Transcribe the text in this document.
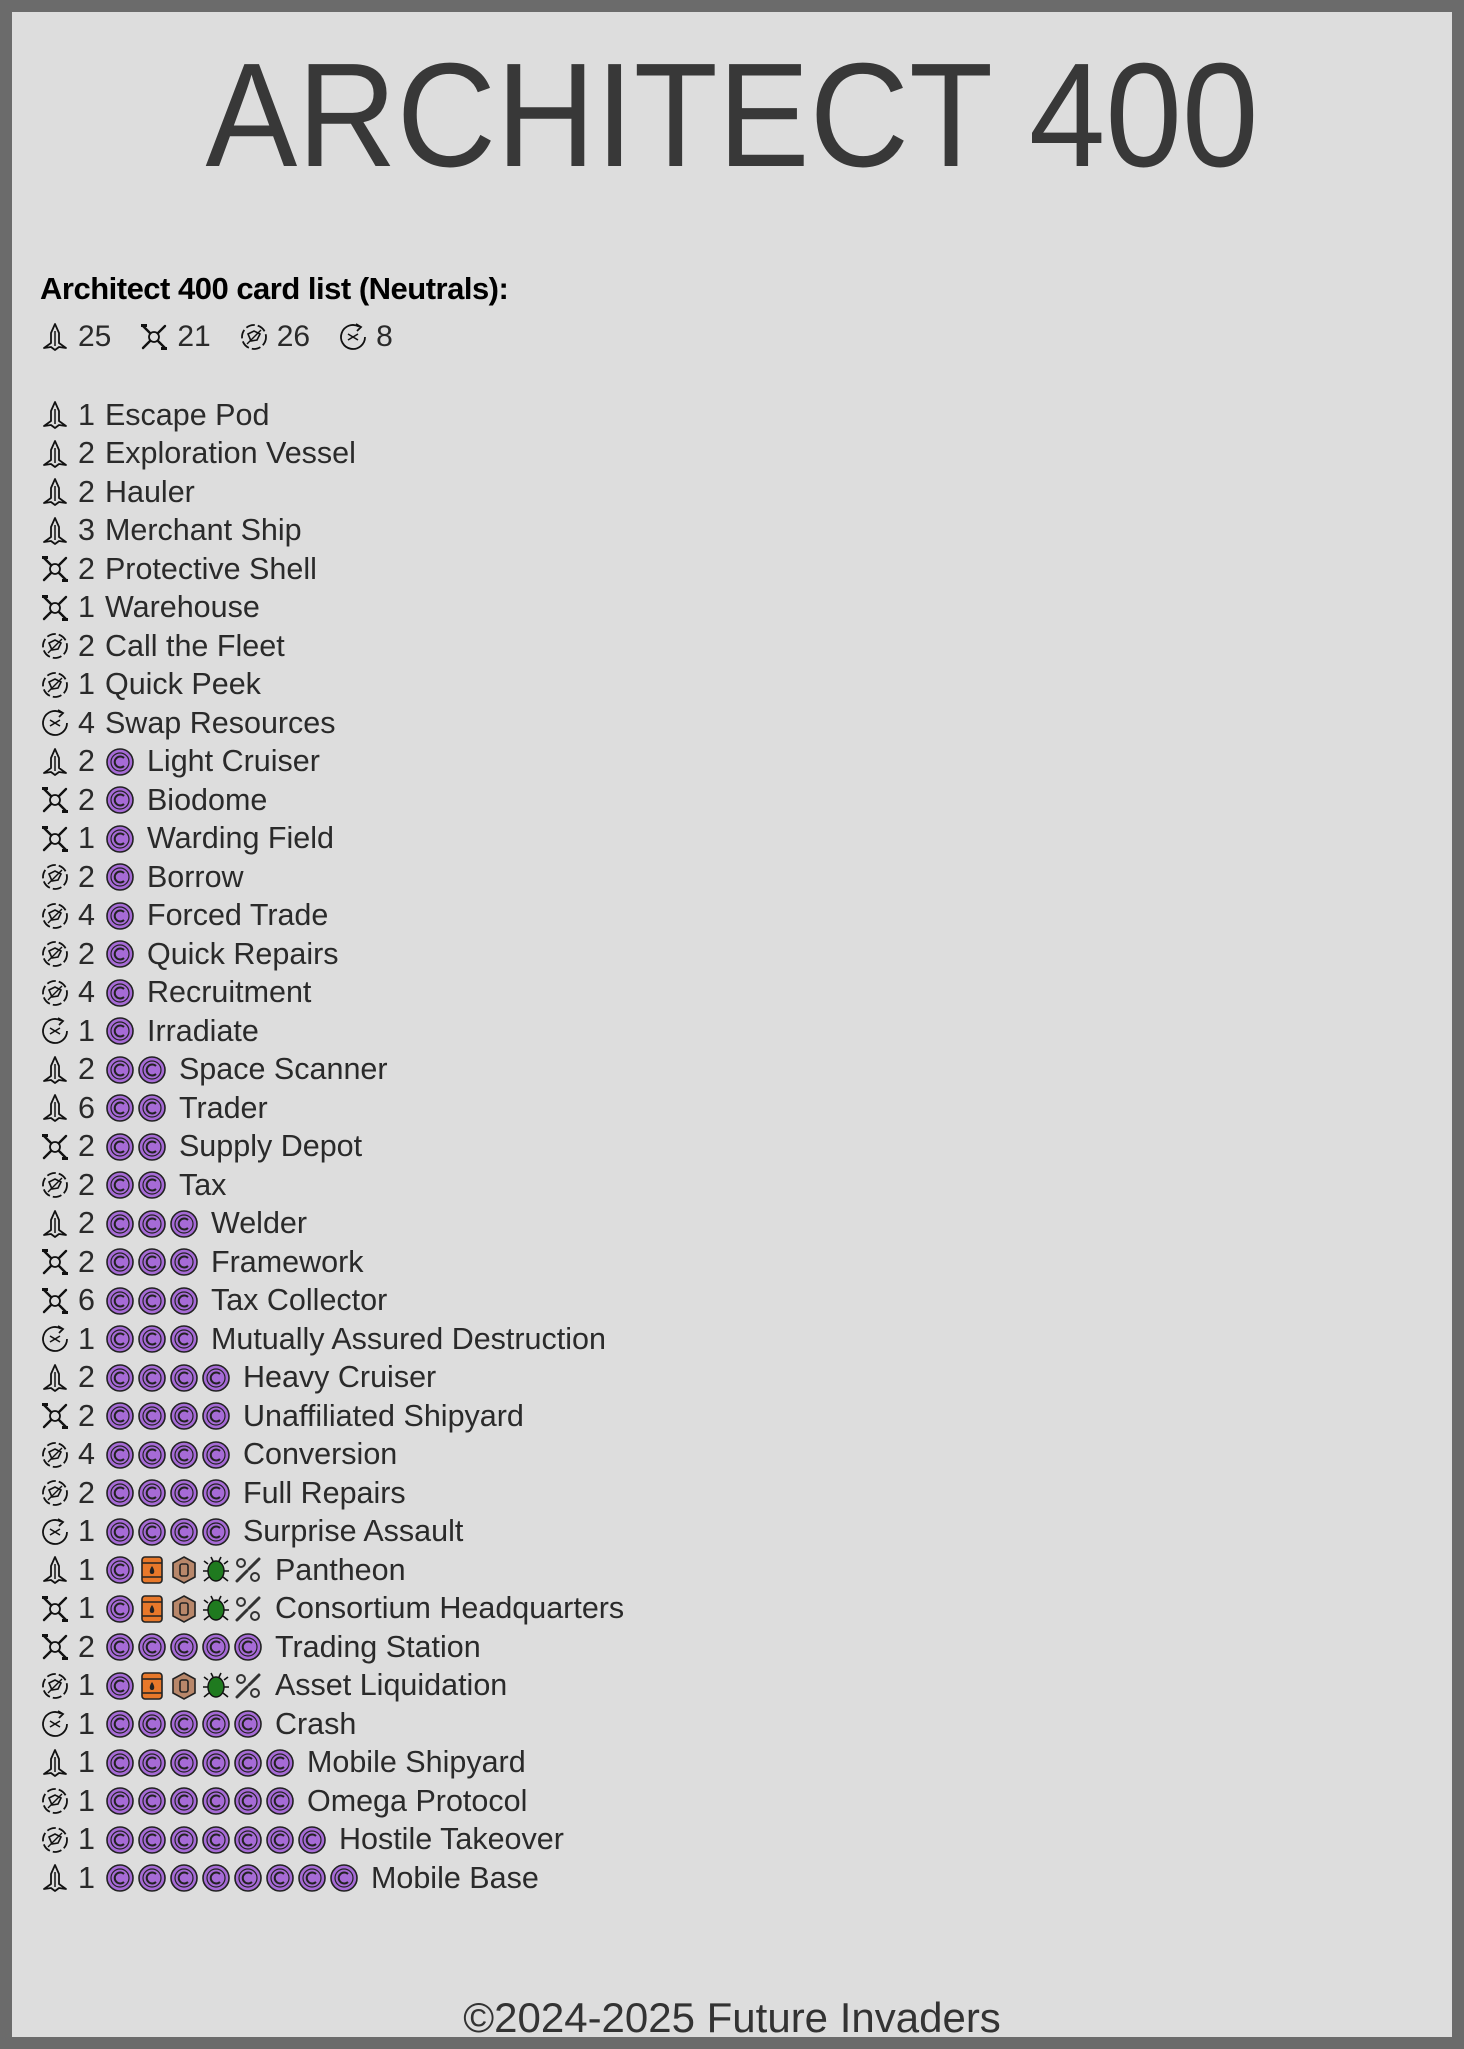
ARCHITECT 400
Architect 400 card list (Neutrals):
25 21 26 8
1 Escape Pod
2 Exploration Vessel
2 Hauler
3 Merchant Ship
2 Protective Shell
1 Warehouse
2 Call the Fleet
1 Quick Peek
4 Swap Resources
2 Light Cruiser
2 Biodome
1 Warding Field
2 Borrow
4 Forced Trade
2 Quick Repairs
4 Recruitment
1 Irradiate
2	Space Scanner
6	Trader
2	Supply Depot
2	Tax
2	Welder
2	Framework
6	Tax Collector
1	Mutually Assured Destruction
2	Heavy Cruiser
2	Unaffiliated Shipyard
4	Conversion
2	Full Repairs
1	Surprise Assault
1	Pantheon
1	Consortium Headquarters
2	Trading Station
1	Asset Liquidation
1	Crash
1	Mobile Shipyard
1	Omega Protocol
1	Hostile Takeover
1	Mobile Base
©2024-2025 Future Invaders
